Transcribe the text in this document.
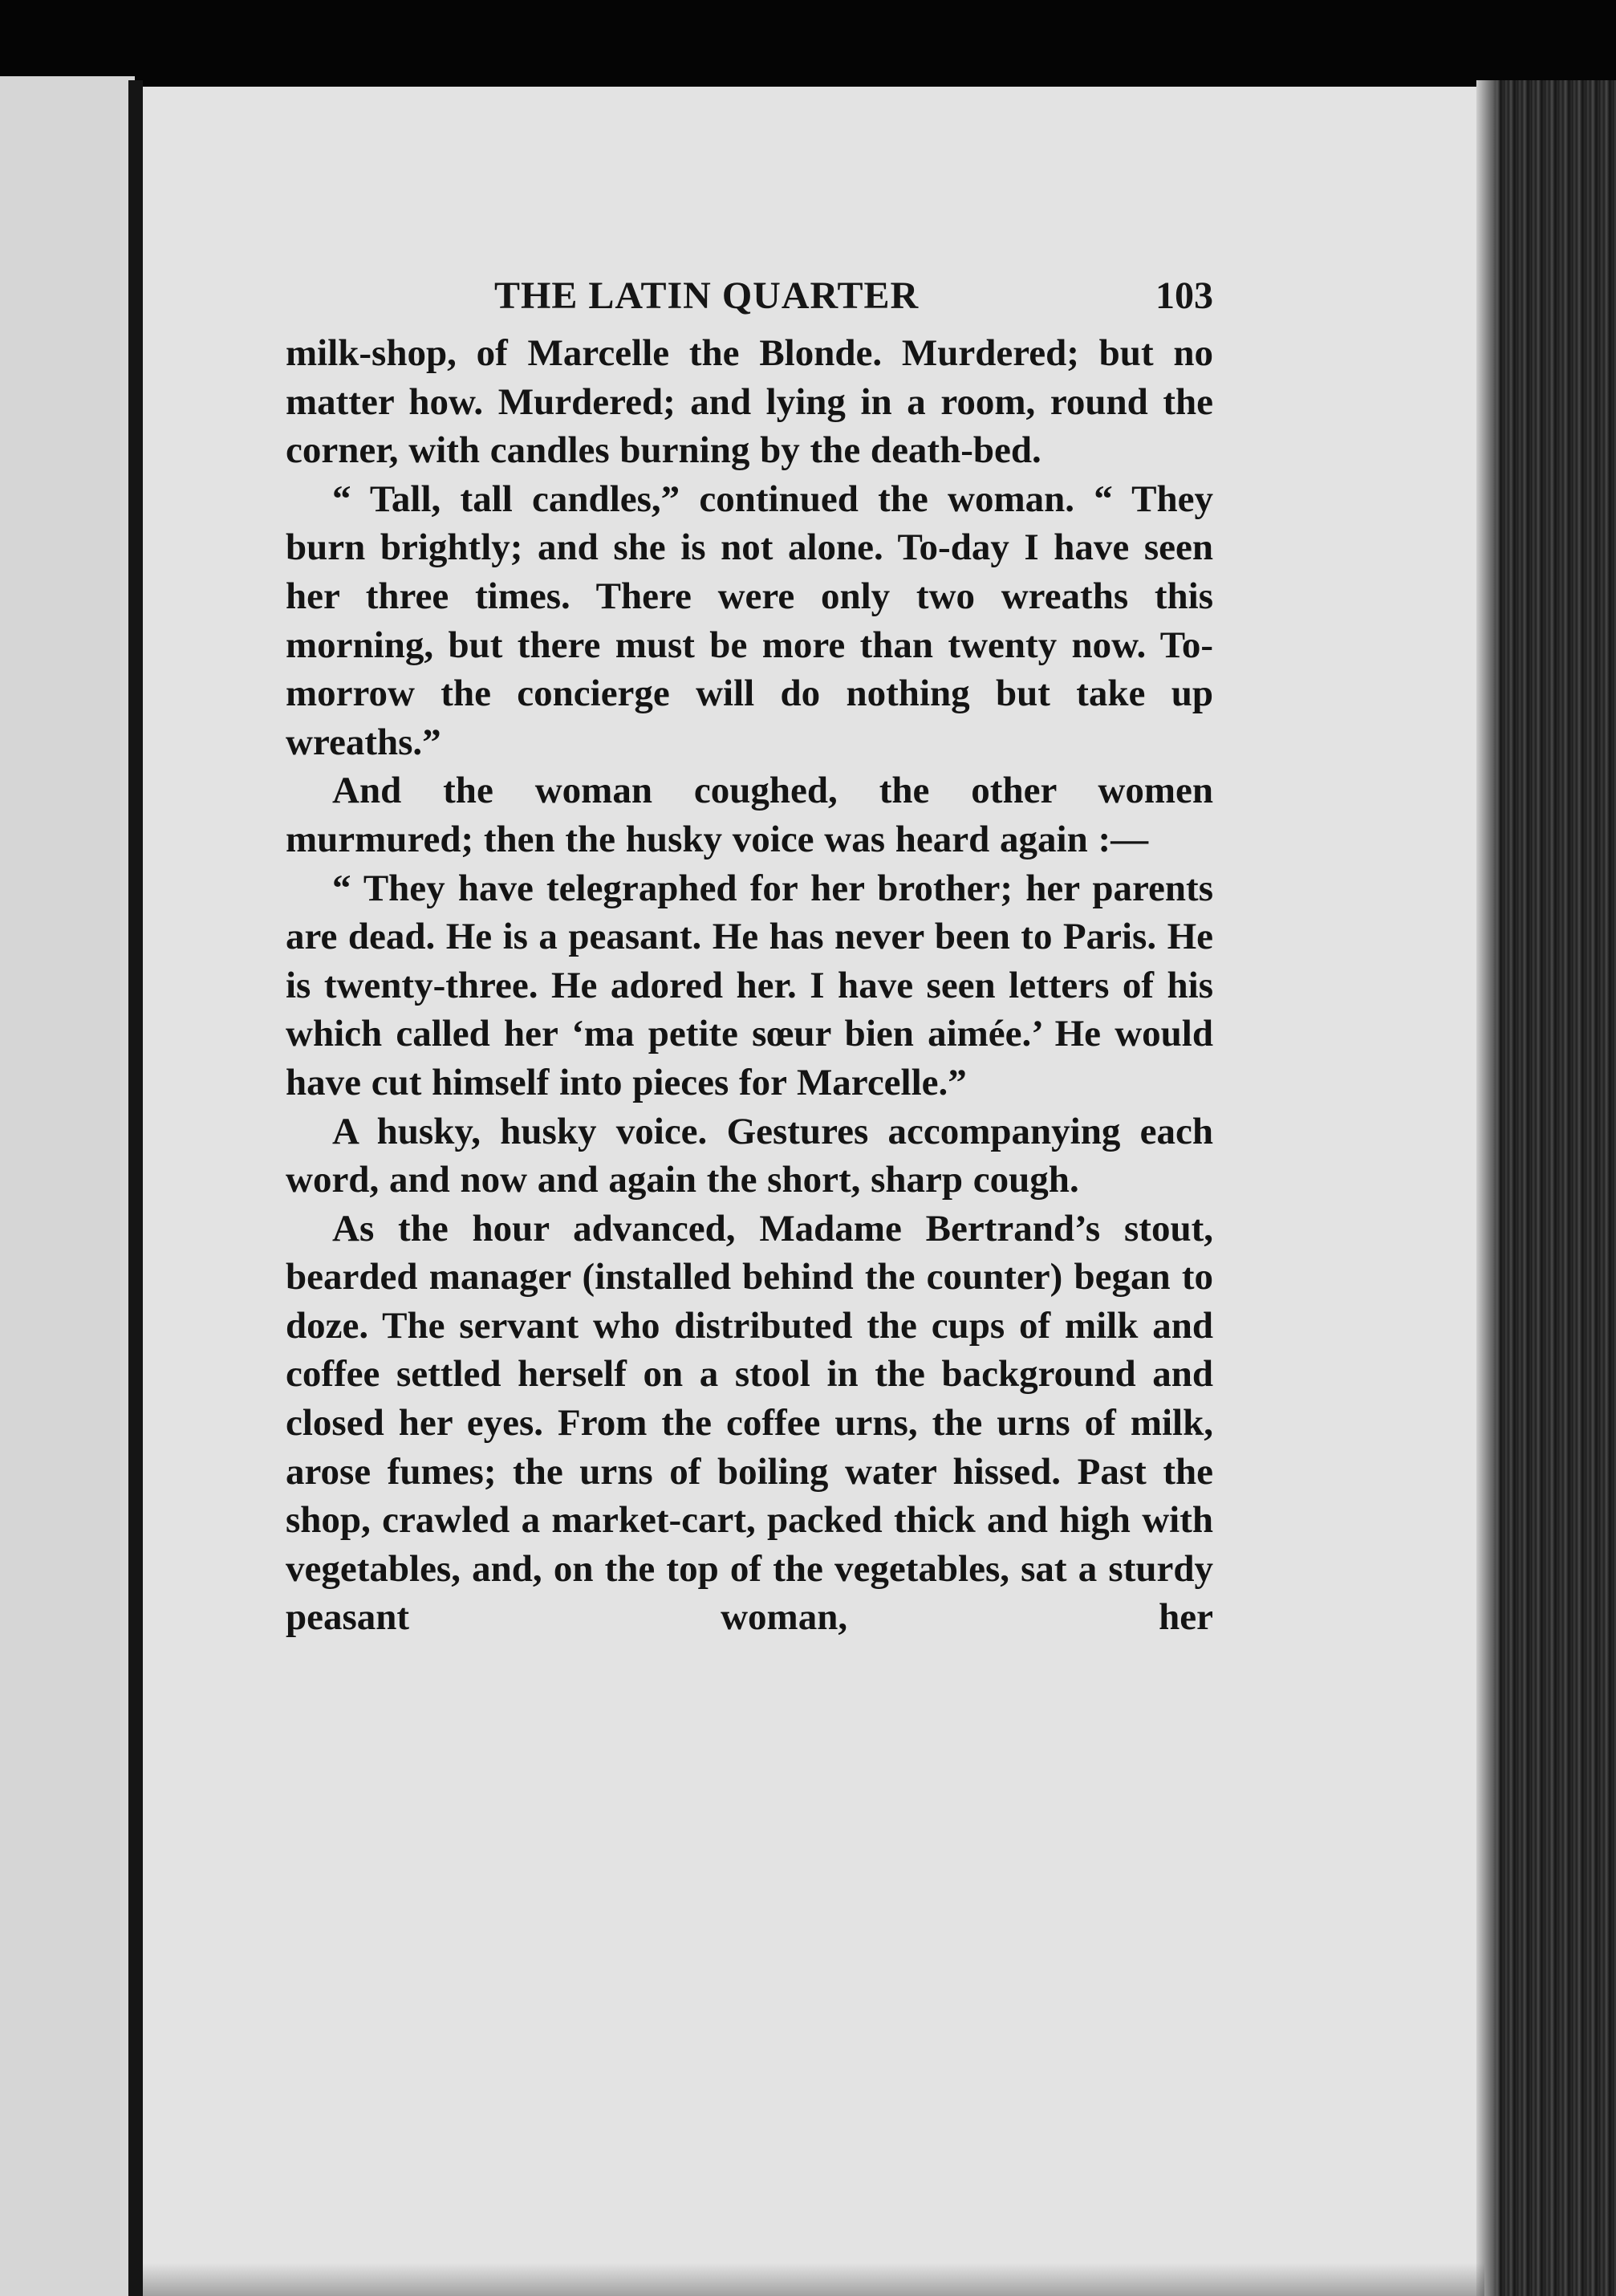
THE LATIN QUARTER	103

milk-shop, of Marcelle the Blonde. Murdered; but no matter how. Murdered; and lying in a room, round the corner, with candles burning by the death-bed.

“ Tall, tall candles,” continued the woman. “ They burn brightly; and she is not alone. To-day I have seen her three times. There were only two wreaths this morning, but there must be more than twenty now. To-morrow the concierge will do nothing but take up wreaths.”

And the woman coughed, the other women murmured; then the husky voice was heard again :—

“ They have telegraphed for her brother; her parents are dead. He is a peasant. He has never been to Paris. He is twenty-three. He adored her. I have seen letters of his which called her ‘ma petite sœur bien aimée.’ He would have cut himself into pieces for Marcelle.”

A husky, husky voice. Gestures accompanying each word, and now and again the short, sharp cough.

As the hour advanced, Madame Bertrand’s stout, bearded manager (installed behind the counter) began to doze. The servant who distributed the cups of milk and coffee settled herself on a stool in the background and closed her eyes. From the coffee urns, the urns of milk, arose fumes; the urns of boiling water hissed. Past the shop, crawled a market-cart, packed thick and high with vegetables, and, on the top of the vegetables, sat a sturdy peasant woman, her
